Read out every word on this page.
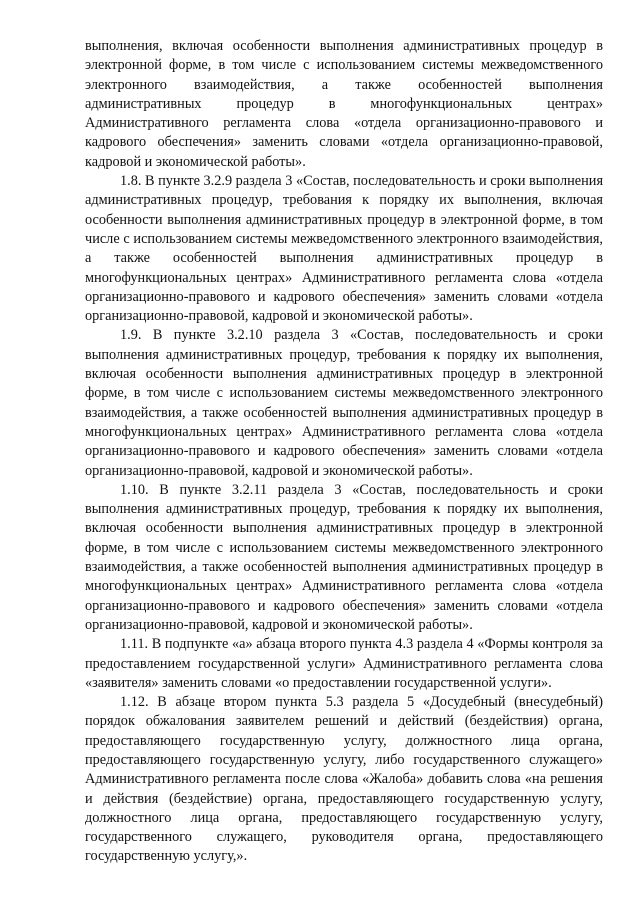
выполнения, включая особенности выполнения административных процедур в электронной форме, в том числе с использованием системы межведомственного электронного взаимодействия, а также особенностей выполнения административных процедур в многофункциональных центрах» Административного регламента слова «отдела организационно-правового и кадрового обеспечения» заменить словами «отдела организационно-правовой, кадровой и экономической работы».

1.8. В пункте 3.2.9 раздела 3 «Состав, последовательность и сроки выполнения административных процедур, требования к порядку их выполнения, включая особенности выполнения административных процедур в электронной форме, в том числе с использованием системы межведомственного электронного взаимодействия, а также особенностей выполнения административных процедур в многофункциональных центрах» Административного регламента слова «отдела организационно-правового и кадрового обеспечения» заменить словами «отдела организационно-правовой, кадровой и экономической работы».

1.9. В пункте 3.2.10 раздела 3 «Состав, последовательность и сроки выполнения административных процедур, требования к порядку их выполнения, включая особенности выполнения административных процедур в электронной форме, в том числе с использованием системы межведомственного электронного взаимодействия, а также особенностей выполнения административных процедур в многофункциональных центрах» Административного регламента слова «отдела организационно-правового и кадрового обеспечения» заменить словами «отдела организационно-правовой, кадровой и экономической работы».

1.10. В пункте 3.2.11 раздела 3 «Состав, последовательность и сроки выполнения административных процедур, требования к порядку их выполнения, включая особенности выполнения административных процедур в электронной форме, в том числе с использованием системы межведомственного электронного взаимодействия, а также особенностей выполнения административных процедур в многофункциональных центрах» Административного регламента слова «отдела организационно-правового и кадрового обеспечения» заменить словами «отдела организационно-правовой, кадровой и экономической работы».

1.11. В подпункте «а» абзаца второго пункта 4.3 раздела 4 «Формы контроля за предоставлением государственной услуги» Административного регламента слова «заявителя» заменить словами «о предоставлении государственной услуги».

1.12. В абзаце втором пункта 5.3 раздела 5 «Досудебный (внесудебный) порядок обжалования заявителем решений и действий (бездействия) органа, предоставляющего государственную услугу, должностного лица органа, предоставляющего государственную услугу, либо государственного служащего» Административного регламента после слова «Жалоба» добавить слова «на решения и действия (бездействие) органа, предоставляющего государственную услугу, должностного лица органа, предоставляющего государственную услугу, государственного служащего, руководителя органа, предоставляющего государственную услугу,».
